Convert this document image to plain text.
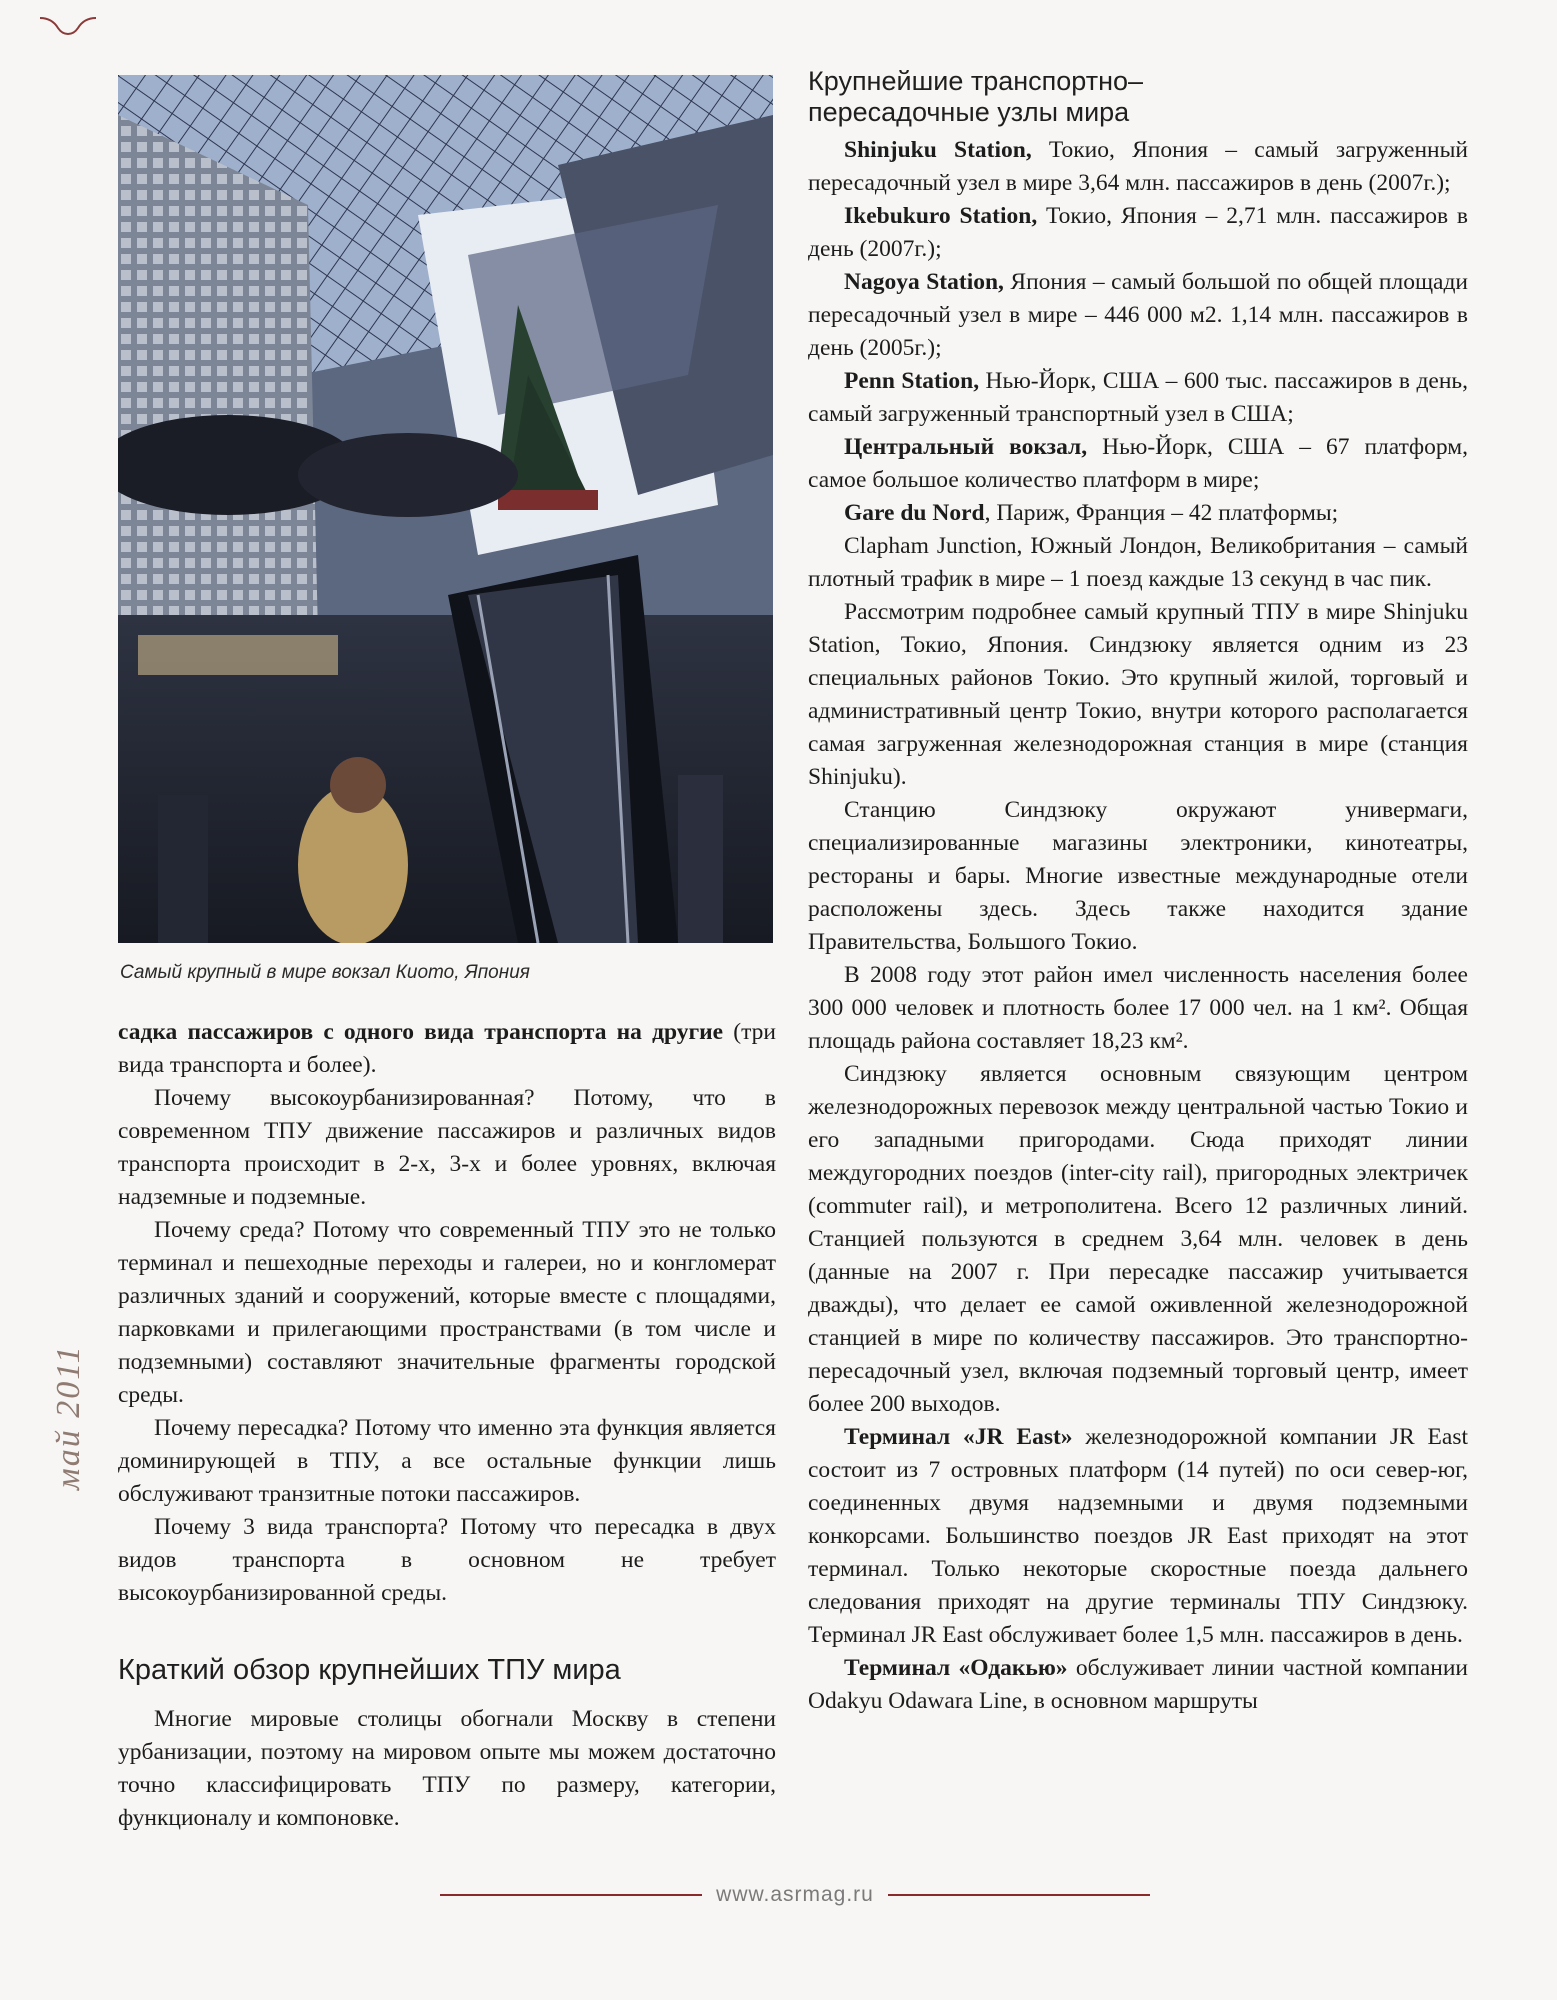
Самый крупный в мире вокзал Киото, Япония

садка пассажиров с одного вида транспорта на другие (три вида транспорта и более).

Почему высокоурбанизированная? Потому, что в современном ТПУ движение пассажиров и различных видов транспорта происходит в 2-х, 3-х и более уровнях, включая надземные и подземные.

Почему среда? Потому что современный ТПУ это не только терминал и пешеходные переходы и галереи, но и конгломерат различных зданий и сооружений, которые вместе с площадями, парковками и прилегающими пространствами (в том числе и подземными) составляют значительные фрагменты городской среды.

Почему пересадка? Потому что именно эта функция является доминирующей в ТПУ, а все остальные функции лишь обслуживают транзитные потоки пассажиров.

Почему 3 вида транспорта? Потому что пересадка в двух видов транспорта в основном не требует высокоурбанизированной среды.

Краткий обзор крупнейших ТПУ мира

Многие мировые столицы обогнали Москву в степени урбанизации, поэтому на мировом опыте мы можем достаточно точно классифицировать ТПУ по размеру, категории, функционалу и компоновке.

Крупнейшие транспортно–
пересадочные узлы мира

Shinjuku Station, Токио, Япония – самый загруженный пересадочный узел в мире 3,64 млн. пассажиров в день (2007г.);

Ikebukuro Station, Токио, Япония – 2,71 млн. пассажиров в день (2007г.);

Nagoya Station, Япония – самый большой по общей площади пересадочный узел в мире – 446 000 м2. 1,14 млн. пассажиров в день (2005г.);

Penn Station, Нью-Йорк, США – 600 тыс. пассажиров в день, самый загруженный транспортный узел в США;

Центральный вокзал, Нью-Йорк, США – 67 платформ, самое большое количество платформ в мире;

Gare du Nord, Париж, Франция – 42 платформы;

Clapham Junction, Южный Лондон, Великобритания – самый плотный трафик в мире – 1 поезд каждые 13 секунд в час пик.

Рассмотрим подробнее самый крупный ТПУ в мире Shinjuku Station, Токио, Япония. Синдзюку является одним из 23 специальных районов Токио. Это крупный жилой, торговый и административный центр Токио, внутри которого располагается самая загруженная железнодорожная станция в мире (станция Shinjuku).

Станцию Синдзюку окружают универмаги, специализированные магазины электроники, кинотеатры, рестораны и бары. Многие известные международные отели расположены здесь. Здесь также находится здание Правительства, Большого Токио.

В 2008 году этот район имел численность населения более 300 000 человек и плотность более 17 000 чел. на 1 км². Общая площадь района составляет 18,23 км².

Синдзюку является основным связующим центром железнодорожных перевозок между центральной частью Токио и его западными пригородами. Сюда приходят линии междугородних поездов (inter-city rail), пригородных электричек (commuter rail), и метрополитена. Всего 12 различных линий. Станцией пользуются в среднем 3,64 млн. человек в день (данные на 2007 г. При пересадке пассажир учитывается дважды), что делает ее самой оживленной железнодорожной станцией в мире по количеству пассажиров. Это транспортно-пересадочный узел, включая подземный торговый центр, имеет более 200 выходов.

Терминал «JR East» железнодорожной компании JR East состоит из 7 островных платформ (14 путей) по оси север-юг, соединенных двумя надземными и двумя подземными конкорсами. Большинство поездов JR East приходят на этот терминал. Только некоторые скоростные поезда дальнего следования приходят на другие терминалы ТПУ Синдзюку. Терминал JR East обслуживает более 1,5 млн. пассажиров в день.

Терминал «Одакью» обслуживает линии частной компании Odakyu Odawara Line, в основном маршруты

май 2011
www.asrmag.ru
